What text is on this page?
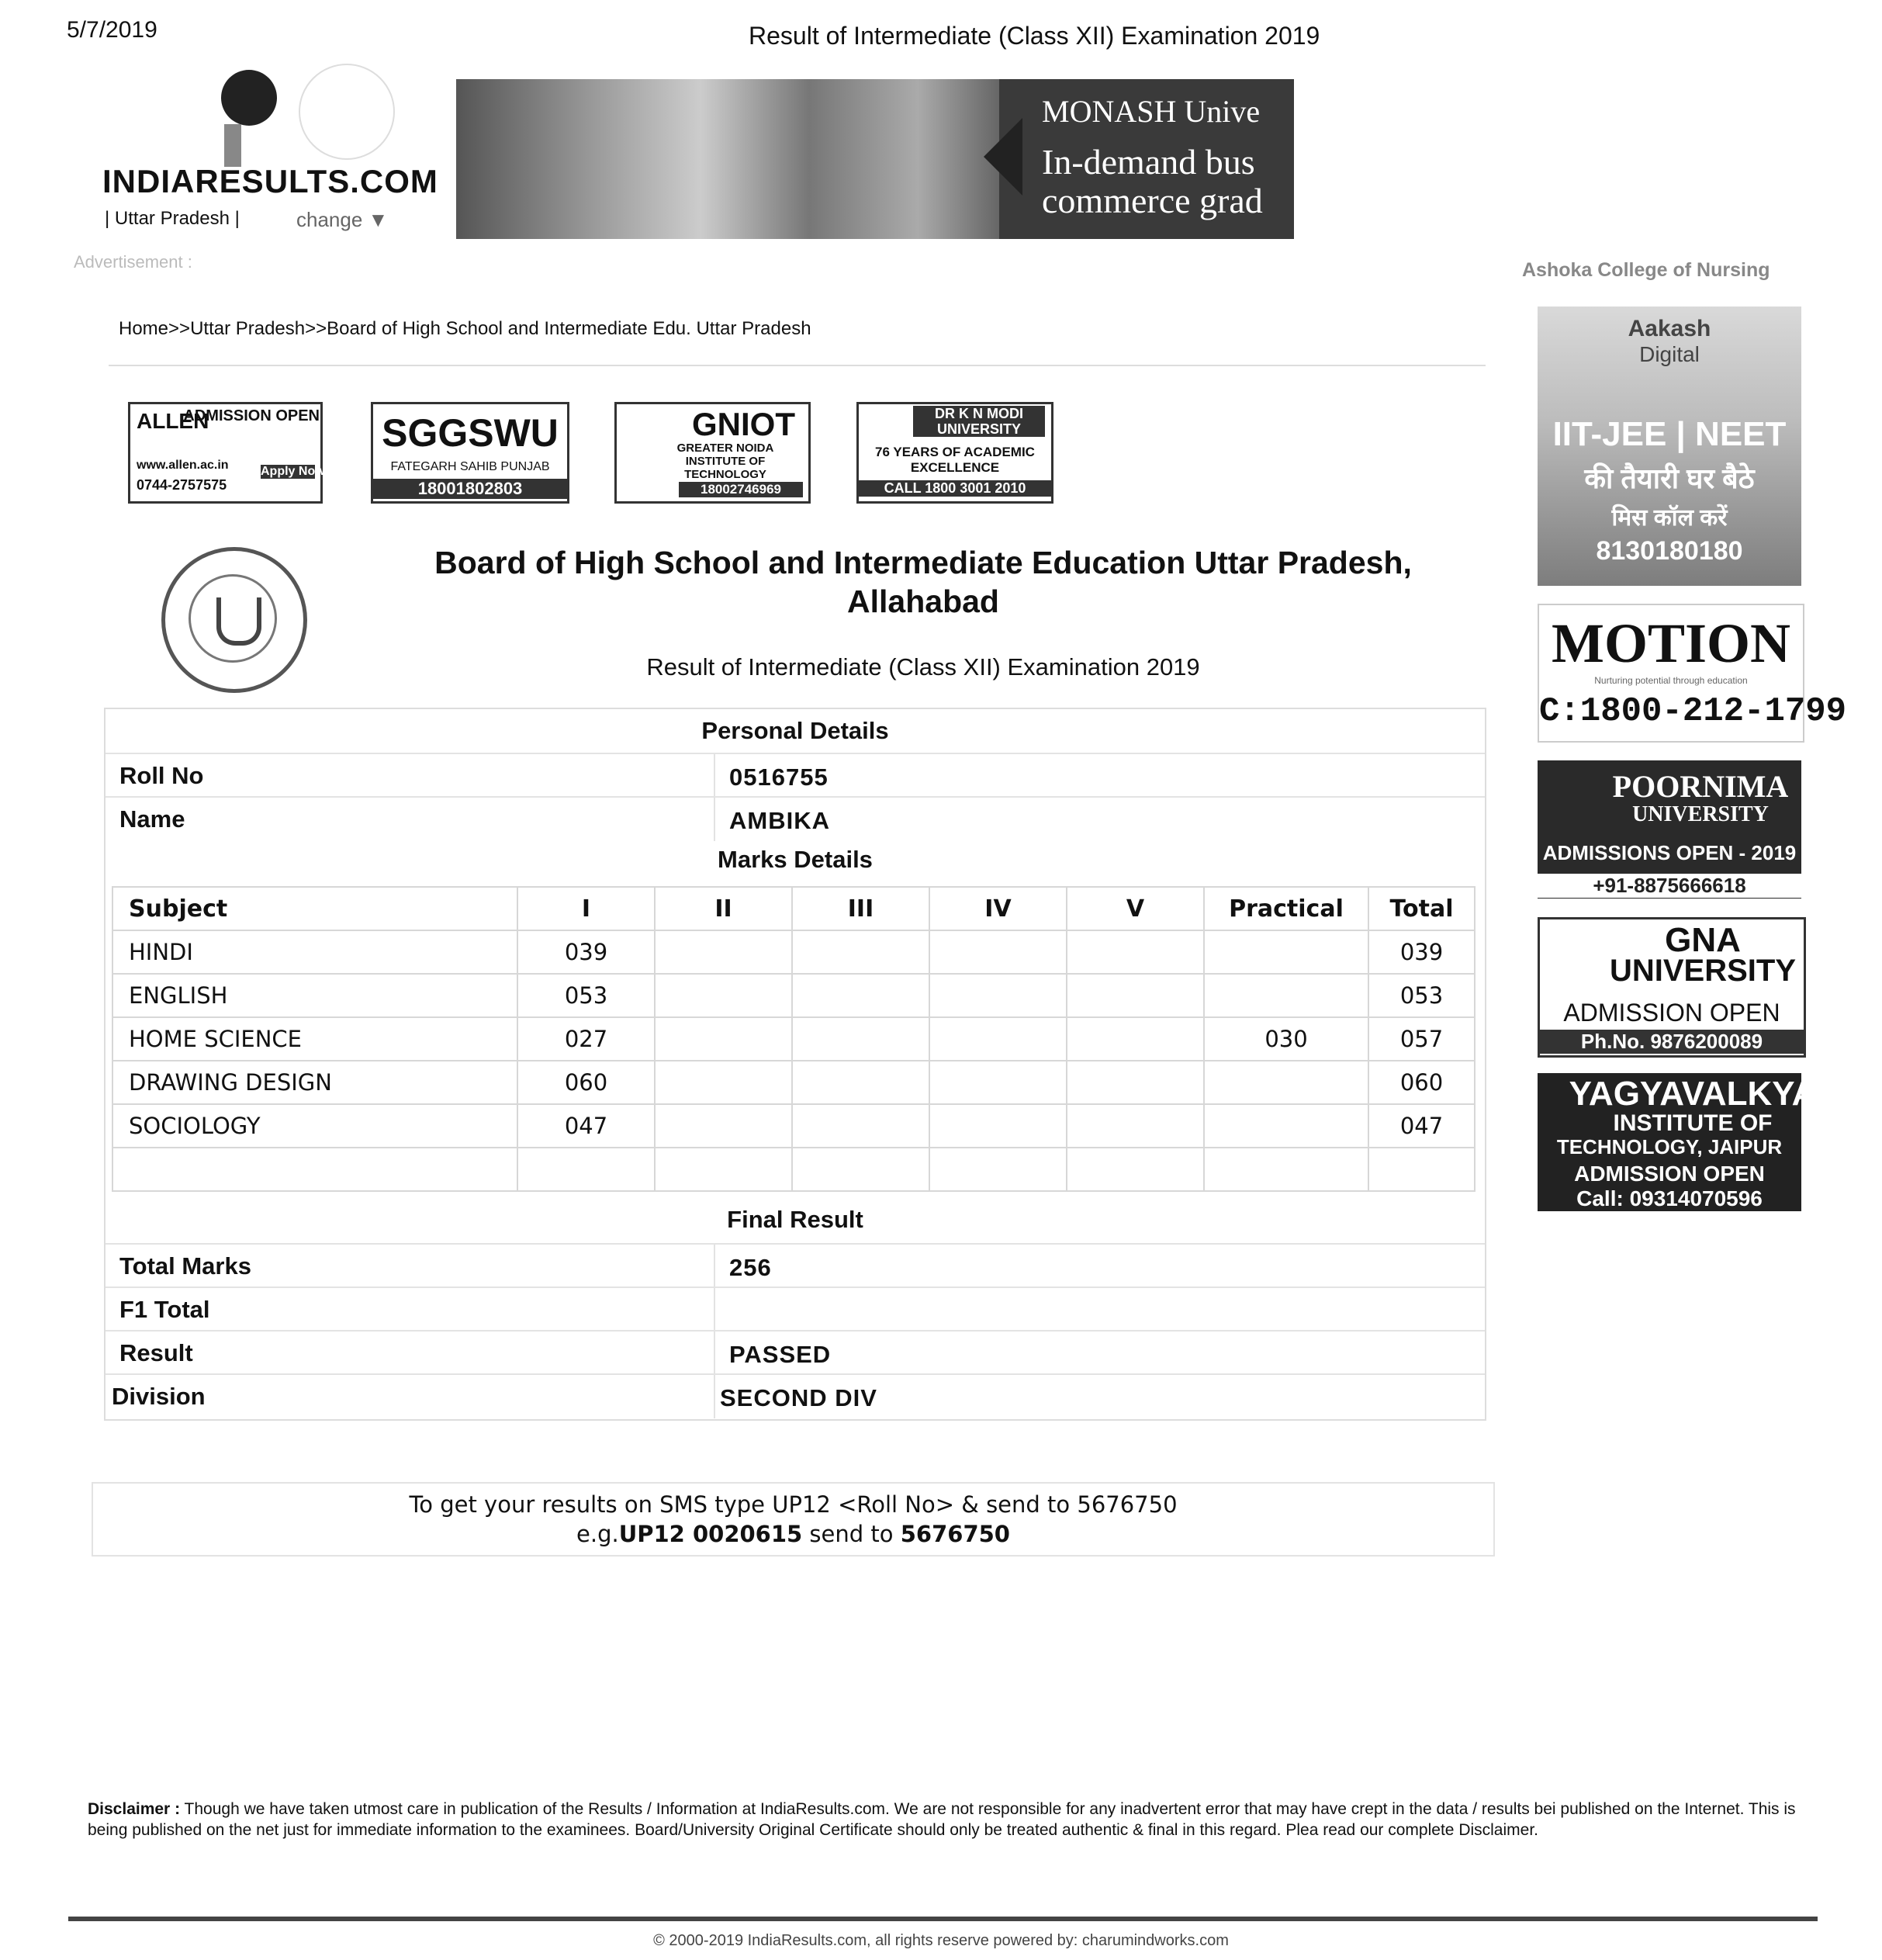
5/7/2019	Result of Intermediate (Class XII) Examination 2019
INDIARESULTS.COM
| Uttar Pradesh |	change ▼
Advertisement :
MONASH Unive
In-demand bus
commerce grad
Home>>Uttar Pradesh>>Board of High School and Intermediate Edu. Uttar Pradesh
ALLEN
ADMISSION OPEN
www.allen.ac.in
0744-2757575
Apply Now
SGGSWU
FATEGARH SAHIB PUNJAB
18001802803
GNIOT
GREATER NOIDA INSTITUTE OF TECHNOLOGY
18002746969
DR K N MODI UNIVERSITY
76 YEARS OF ACADEMIC EXCELLENCE
CALL 1800 3001 2010
Board of High School and Intermediate Education Uttar Pradesh,
Allahabad
Result of Intermediate (Class XII) Examination 2019
Personal Details
Roll No	0516755
Name	AMBIKA
Marks Details
Subject	I	II	III	IV	V	Practical	Total
HINDI	039						039
ENGLISH	053						053
HOME SCIENCE	027					030	057
DRAWING DESIGN	060						060
SOCIOLOGY	047						047

Final Result
Total Marks	256
F1 Total
Result	PASSED
Division	SECOND DIV
To get your results on SMS type UP12 <Roll No> & send to 5676750
e.g.UP12 0020615 send to 5676750
Disclaimer : Though we have taken utmost care in publication of the Results / Information at IndiaResults.com. We are not responsible for any inadvertent error that may have crept in the data / results bei published on the Internet. This is being published on the net just for immediate information to the examinees. Board/University Original Certificate should only be treated authentic & final in this regard. Plea read our complete Disclaimer.
© 2000-2019 IndiaResults.com, all rights reserve powered by: charumindworks.com
Ashoka College of Nursing
Aakash
Digital
IIT-JEE | NEET
की तैयारी घर बैठे
मिस कॉल करें
8130180180
MOTION
Nurturing potential through education
C:1800-212-1799
POORNIMA
UNIVERSITY
ADMISSIONS OPEN - 2019
+91-8875666618
GNA
UNIVERSITY
ADMISSION OPEN
Ph.No. 9876200089
YAGYAVALKYA
INSTITUTE OF
TECHNOLOGY, JAIPUR
ADMISSION OPEN
Call: 09314070596
